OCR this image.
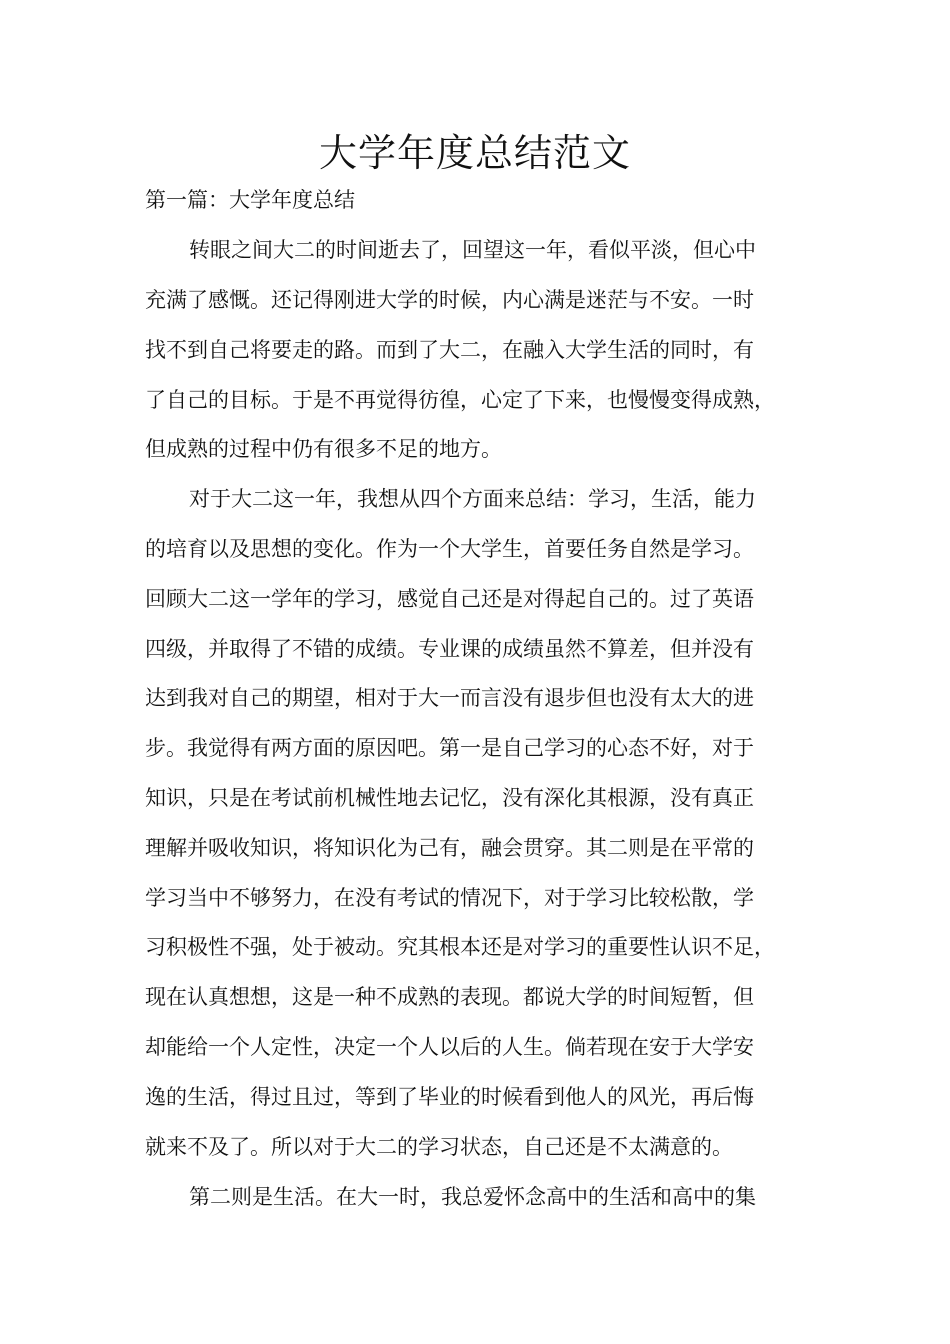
大学年度总结范文

第一篇：大学年度总结

转眼之间大二的时间逝去了，回望这一年，看似平淡，但心中

充满了感慨。还记得刚进大学的时候，内心满是迷茫与不安。一时

找不到自己将要走的路。而到了大二，在融入大学生活的同时，有

了自己的目标。于是不再觉得彷徨，心定了下来，也慢慢变得成熟，

但成熟的过程中仍有很多不足的地方。

对于大二这一年，我想从四个方面来总结：学习，生活，能力

的培育以及思想的变化。作为一个大学生，首要任务自然是学习。

回顾大二这一学年的学习，感觉自己还是对得起自己的。过了英语

四级，并取得了不错的成绩。专业课的成绩虽然不算差，但并没有

达到我对自己的期望，相对于大一而言没有退步但也没有太大的进

步。我觉得有两方面的原因吧。第一是自己学习的心态不好，对于

知识，只是在考试前机械性地去记忆，没有深化其根源，没有真正

理解并吸收知识，将知识化为己有，融会贯穿。其二则是在平常的

学习当中不够努力，在没有考试的情况下，对于学习比较松散，学

习积极性不强，处于被动。究其根本还是对学习的重要性认识不足，

现在认真想想，这是一种不成熟的表现。都说大学的时间短暂，但

却能给一个人定性，决定一个人以后的人生。倘若现在安于大学安

逸的生活，得过且过，等到了毕业的时候看到他人的风光，再后悔

就来不及了。所以对于大二的学习状态，自己还是不太满意的。

第二则是生活。在大一时，我总爱怀念高中的生活和高中的集
